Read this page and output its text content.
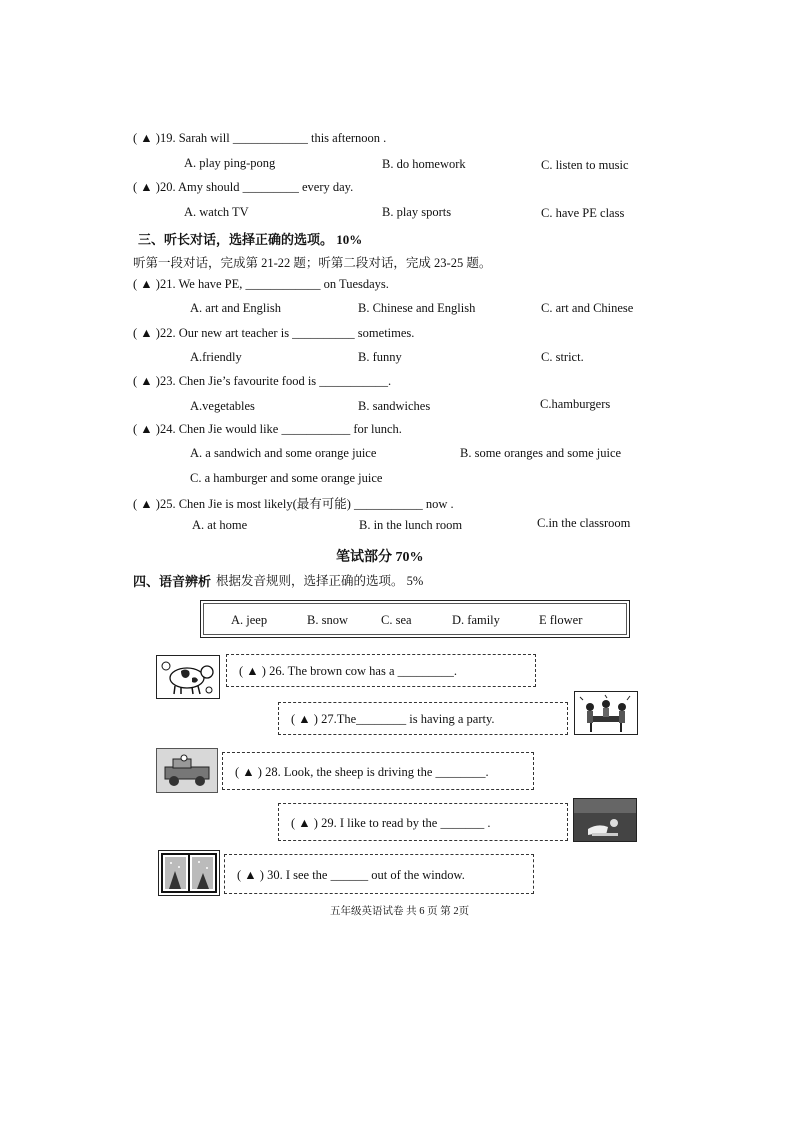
( ▲ )19. Sarah will ____________ this afternoon .
A. play ping-pong	B. do homework	C. listen to music
( ▲ )20. Amy should _________ every day.
A. watch TV	B. play sports	C. have PE class
三、听长对话，选择正确的选项。 10%
听第一段对话，完成第 21-22 题；听第二段对话，完成 23-25 题。
( ▲ )21. We have PE, ____________ on Tuesdays.
A. art and English	B. Chinese and English	C. art and Chinese
( ▲ )22. Our new art teacher is __________ sometimes.
A.friendly	B. funny	C. strict.
( ▲ )23. Chen Jie’s favourite food is ___________.
A.vegetables	B. sandwiches	C.hamburgers
( ▲ )24. Chen Jie would like ___________ for lunch.
A. a sandwich and some orange juice	B. some oranges and some juice
C. a hamburger and some orange juice
( ▲ )25. Chen Jie is most likely(最有可能) ___________ now .
A. at home	B. in the lunch room	C.in the classroom
笔试部分 70%
四、语音辨析 根据发音规则，选择正确的选项。 5%
A. jeep	B. snow	C. sea	D. family	E flower
( ▲ ) 26. The brown cow has a _________.
( ▲ ) 27.The________ is having a party.
( ▲ ) 28. Look, the sheep is driving the ________.
( ▲ ) 29. I like to read by the _______ .
( ▲ ) 30. I see the ______ out of the window.
五年级英语试卷 共 6 页 第 2页
